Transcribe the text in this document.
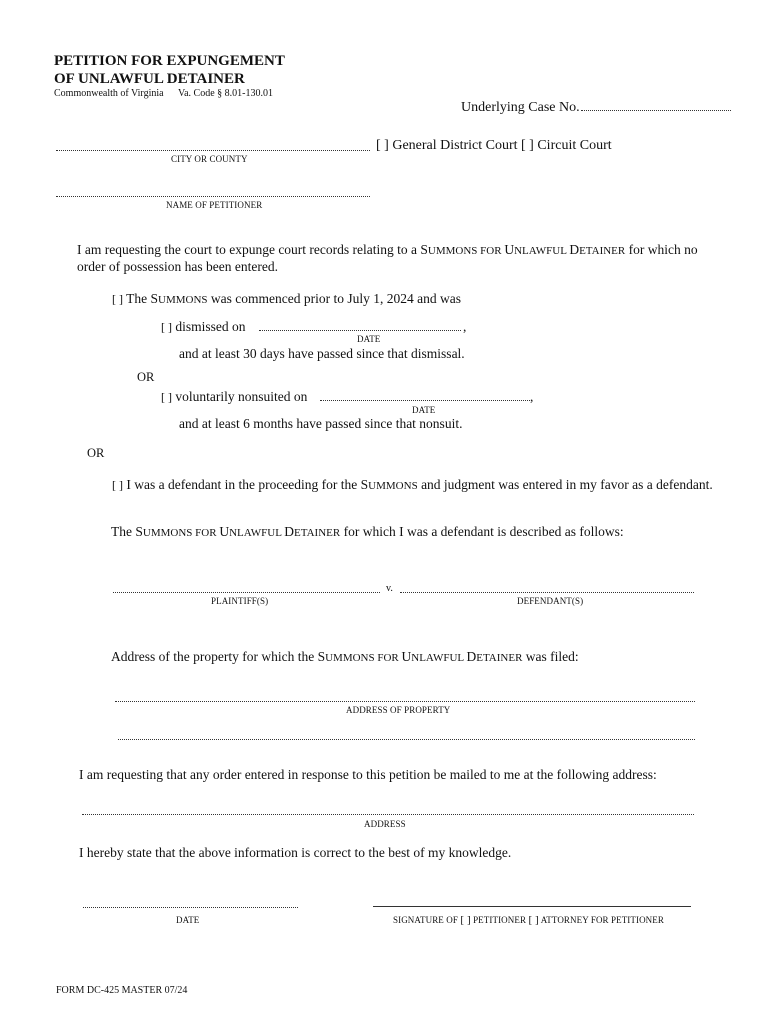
PETITION FOR EXPUNGEMENT
OF UNLAWFUL DETAINER
Commonwealth of Virginia Va. Code § 8.01-130.01
Underlying Case No.
CITY OR COUNTY
[ ] General District Court [ ] Circuit Court
NAME OF PETITIONER
I am requesting the court to expunge court records relating to a SUMMONS FOR UNLAWFUL DETAINER for which no
order of possession has been entered.
[ ] The SUMMONS was commenced prior to July 1, 2024 and was
[ ] dismissed on	,
DATE
and at least 30 days have passed since that dismissal.
OR
[ ] voluntarily nonsuited on	,
DATE
and at least 6 months have passed since that nonsuit.
OR
[ ] I was a defendant in the proceeding for the SUMMONS and judgment was entered in my favor as a defendant.
The SUMMONS FOR UNLAWFUL DETAINER for which I was a defendant is described as follows:
v.
PLAINTIFF(S)	DEFENDANT(S)
Address of the property for which the SUMMONS FOR UNLAWFUL DETAINER was filed:
ADDRESS OF PROPERTY
I am requesting that any order entered in response to this petition be mailed to me at the following address:
ADDRESS
I hereby state that the above information is correct to the best of my knowledge.
DATE	SIGNATURE OF [ ] PETITIONER [ ] ATTORNEY FOR PETITIONER
FORM DC-425 MASTER 07/24
